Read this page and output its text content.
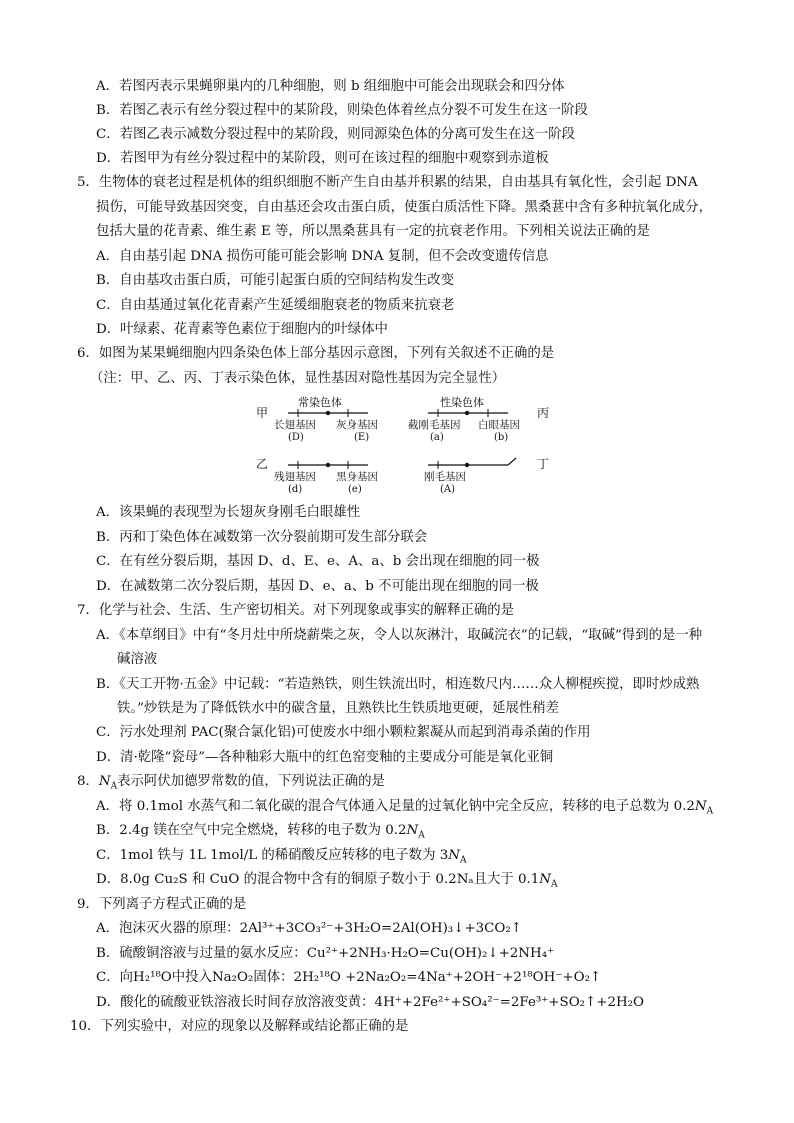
A．若图丙表示果蝇卵巢内的几种细胞，则 b 组细胞中可能会出现联会和四分体
B．若图乙表示有丝分裂过程中的某阶段，则染色体着丝点分裂不可发生在这一阶段
C．若图乙表示减数分裂过程中的某阶段，则同源染色体的分离可发生在这一阶段
D．若图甲为有丝分裂过程中的某阶段，则可在该过程的细胞中观察到赤道板
5．生物体的衰老过程是机体的组织细胞不断产生自由基并积累的结果，自由基具有氧化性，会引起 DNA
损伤，可能导致基因突变，自由基还会攻击蛋白质，使蛋白质活性下降。黑桑葚中含有多种抗氧化成分，
包括大量的花青素、维生素 E 等，所以黑桑葚具有一定的抗衰老作用。下列相关说法正确的是
A．自由基引起 DNA 损伤可能可能会影响 DNA 复制，但不会改变遗传信息
B．自由基攻击蛋白质，可能引起蛋白质的空间结构发生改变
C．自由基通过氧化花青素产生延缓细胞衰老的物质来抗衰老
D．叶绿素、花青素等色素位于细胞内的叶绿体中
6．如图为某果蝇细胞内四条染色体上部分基因示意图，下列有关叙述不正确的是
（注：甲、乙、丙、丁表示染色体，显性基因对隐性基因为完全显性）
甲
乙
丙
丁
常染色体	性染色体
长翅基因
(D)
灰身基因
(E)
截刚毛基因
(a)
白眼基因
(b)
残翅基因
(d)
黑身基因
(e)
刚毛基因
(A)
A．该果蝇的表现型为长翅灰身刚毛白眼雄性
B．丙和丁染色体在减数第一次分裂前期可发生部分联会
C．在有丝分裂后期，基因 D、d、E、e、A、a、b 会出现在细胞的同一极
D．在减数第二次分裂后期，基因 D、e、a、b 不可能出现在细胞的同一极
7．化学与社会、生活、生产密切相关。对下列现象或事实的解释正确的是
A．《本草纲目》中有“冬月灶中所烧薪柴之灰，令人以灰淋汁，取碱浣衣”的记载，“取碱”得到的是一种
碱溶液
B．《天工开物·五金》中记载：“若造熟铁，则生铁流出时，相连数尺内……众人柳棍疾搅，即时炒成熟
铁。”炒铁是为了降低铁水中的碳含量，且熟铁比生铁质地更硬，延展性稍差
C．污水处理剂 PAC(聚合氯化铝)可使废水中细小颗粒絮凝从而起到消毒杀菌的作用
D．清·乾隆“瓷母”—各种釉彩大瓶中的红色窑变釉的主要成分可能是氧化亚铜
8．$N_A$表示阿伏加德罗常数的值，下列说法正确的是
A．将 0.1mol 水蒸气和二氧化碳的混合气体通入足量的过氧化钠中完全反应，转移的电子总数为 $0.2N_A$
B．2.4g 镁在空气中完全燃烧，转移的电子数为 $0.2N_A$
C．1mol 铁与 1L 1mol/L 的稀硝酸反应转移的电子数为 $3N_A$
D．8.0g Cu₂S 和 CuO 的混合物中含有的铜原子数小于 0.2Nₐ且大于 $0.1N_A$
9．下列离子方程式正确的是
A．泡沫灭火器的原理：2Al³⁺+3CO₃²⁻+3H₂O=2Al(OH)₃↓+3CO₂↑
B．硫酸铜溶液与过量的氨水反应：Cu²⁺+2NH₃·H₂O=Cu(OH)₂↓+2NH₄⁺
C．向H₂¹⁸O中投入Na₂O₂固体：2H₂¹⁸O +2Na₂O₂=4Na⁺+2OH⁻+2¹⁸OH⁻+O₂↑
D．酸化的硫酸亚铁溶液长时间存放溶液变黄：4H⁺+2Fe²⁺+SO₄²⁻=2Fe³⁺+SO₂↑+2H₂O
10．下列实验中，对应的现象以及解释或结论都正确的是
